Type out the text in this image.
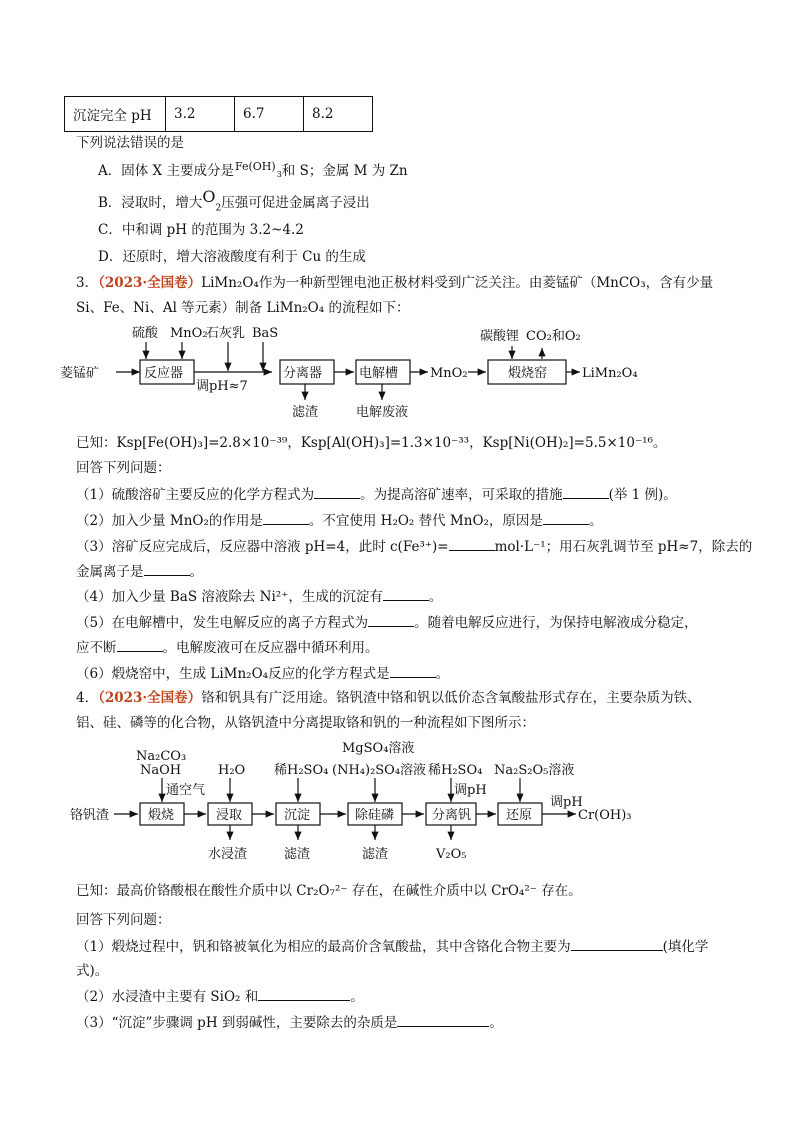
沉淀完全 pH	3.2	6.7	8.2
下列说法错误的是
A．固体 X 主要成分是$^{Fe(OH)}_3$和 S；金属 M 为 Zn
B．浸取时，增大$O_2$压强可促进金属离子浸出
C．中和调 pH 的范围为 3.2~4.2
D．还原时，增大溶液酸度有利于 Cu 的生成
3．（2023·全国卷）LiMn₂O₄作为一种新型锂电池正极材料受到广泛关注。由菱锰矿（MnCO₃，含有少量
Si、Fe、Ni、Al 等元素）制备 LiMn₂O₄ 的流程如下：
菱锰矿	反应器	分离器	电解槽	煅烧窑
硫酸 MnO₂
石灰乳 BaS
调pH≈7
滤渣	电解废液
MnO₂
碳酸锂 CO₂和O₂
LiMn₂O₄
已知：Ksp[Fe(OH)₃]=2.8×10⁻³⁹，Ksp[Al(OH)₃]=1.3×10⁻³³，Ksp[Ni(OH)₂]=5.5×10⁻¹⁶。
回答下列问题：
（1）硫酸溶矿主要反应的化学方程式为	。为提高溶矿速率，可采取的措施	(举 1 例)。
（2）加入少量 MnO₂的作用是	。不宜使用 H₂O₂ 替代 MnO₂，原因是	。
（3）溶矿反应完成后，反应器中溶液 pH=4，此时 c(Fe³⁺)=	mol·L⁻¹；用石灰乳调节至 pH≈7，除去的
金属离子是	。
（4）加入少量 BaS 溶液除去 Ni²⁺，生成的沉淀有	。
（5）在电解槽中，发生电解反应的离子方程式为	。随着电解反应进行，为保持电解液成分稳定，
应不断	。电解废液可在反应器中循环利用。
（6）煅烧窑中，生成 LiMn₂O₄反应的化学方程式是	。
4．（2023·全国卷）铬和钒具有广泛用途。铬钒渣中铬和钒以低价态含氧酸盐形式存在，主要杂质为铁、
铝、硅、磷等的化合物，从铬钒渣中分离提取铬和钒的一种流程如下图所示：
铬钒渣	煅烧	浸取	沉淀	除硅磷	分离钒	还原
Na₂CO₃
NaOH
通空气
H₂O 稀H₂SO₄
MgSO₄溶液
(NH₄)₂SO₄溶液 稀H₂SO₄
调pH
Na₂S₂O₅溶液
调pH
Cr(OH)₃
水浸渣	滤渣	滤渣	V₂O₅
已知：最高价铬酸根在酸性介质中以 Cr₂O₇²⁻ 存在，在碱性介质中以 CrO₄²⁻ 存在。
回答下列问题：
（1）煅烧过程中，钒和铬被氧化为相应的最高价含氧酸盐，其中含铬化合物主要为	(填化学
式)。
（2）水浸渣中主要有 SiO₂ 和	。
（3）“沉淀”步骤调 pH 到弱碱性，主要除去的杂质是	。
